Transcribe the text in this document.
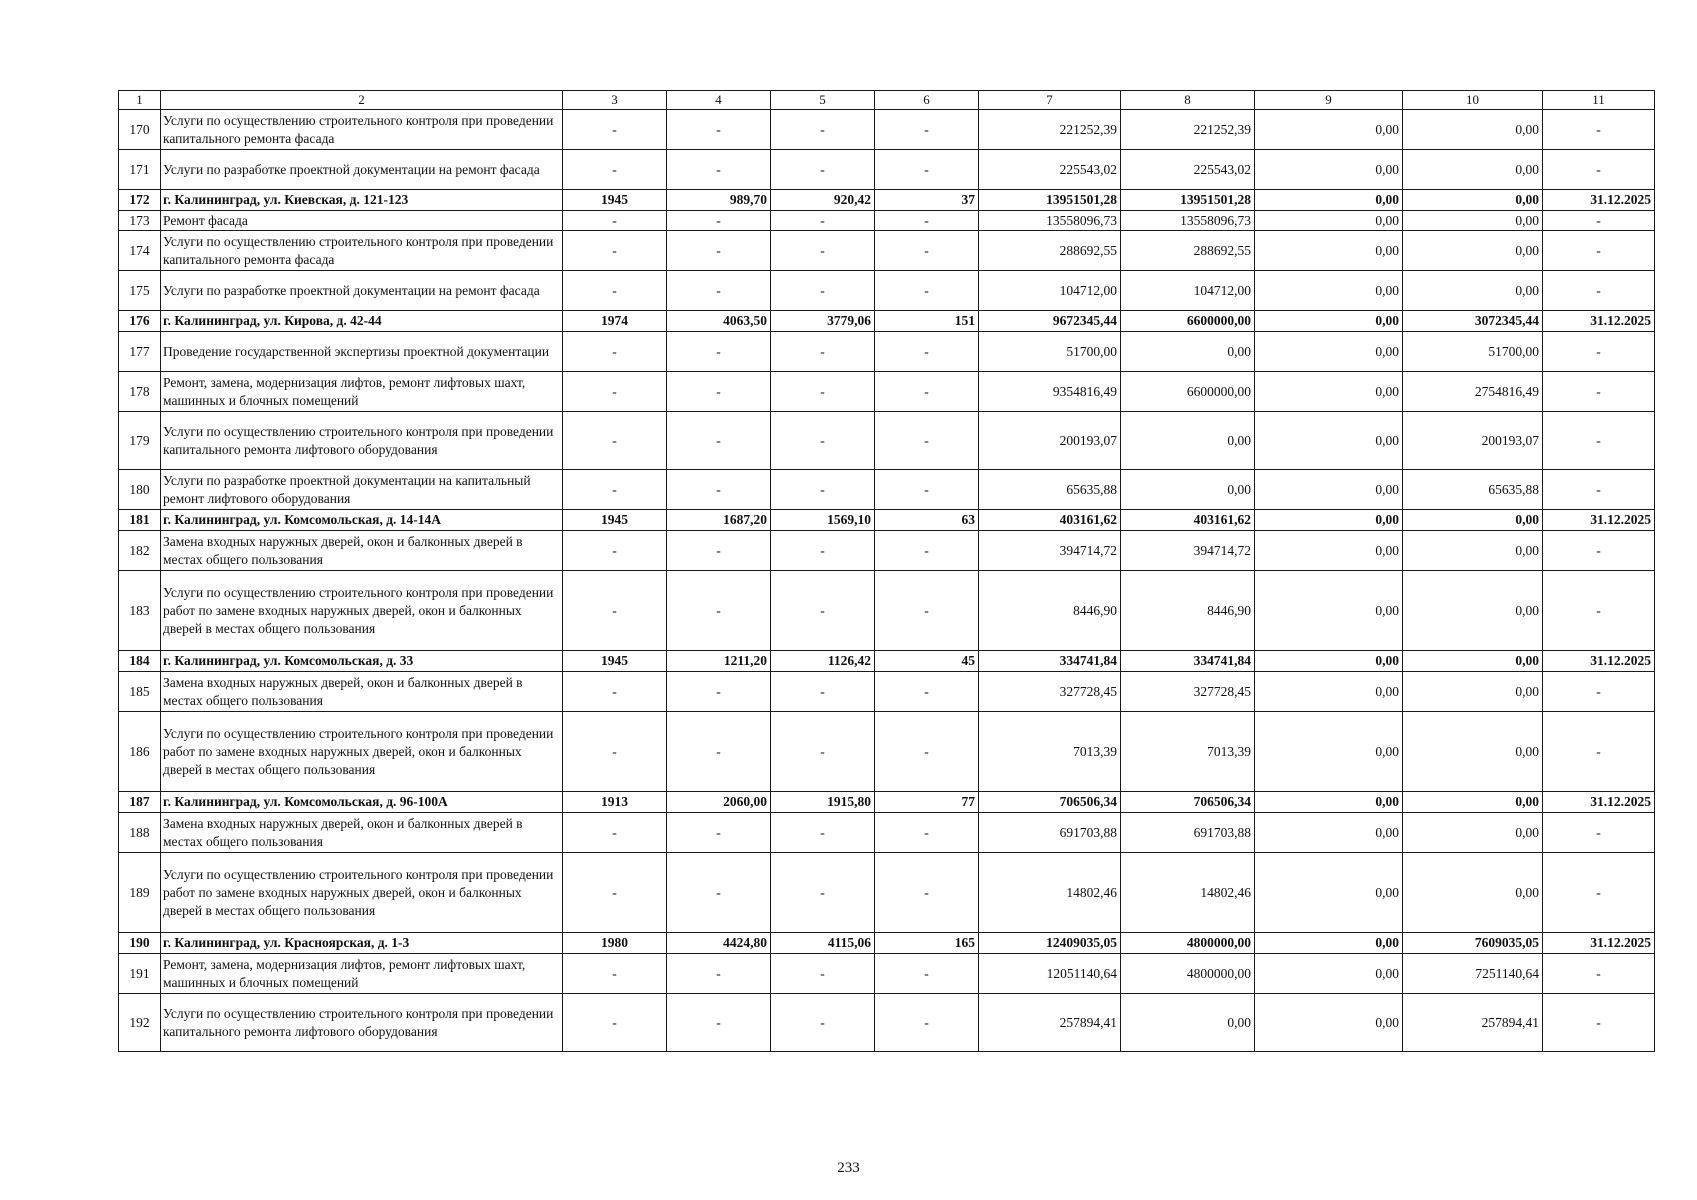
1	2	3	4	5	6	7	8	9	10	11
170	Услуги по осуществлению строительного контроля при проведении капитального ремонта фасада	-	-	-	-	221252,39	221252,39	0,00	0,00	-
171	Услуги по разработке проектной документации на ремонт фасада	-	-	-	-	225543,02	225543,02	0,00	0,00	-
172	г. Калининград, ул. Киевская, д. 121-123	1945	989,70	920,42	37	13951501,28	13951501,28	0,00	0,00	31.12.2025
173	Ремонт фасада	-	-	-	-	13558096,73	13558096,73	0,00	0,00	-
174	Услуги по осуществлению строительного контроля при проведении капитального ремонта фасада	-	-	-	-	288692,55	288692,55	0,00	0,00	-
175	Услуги по разработке проектной документации на ремонт фасада	-	-	-	-	104712,00	104712,00	0,00	0,00	-
176	г. Калининград, ул. Кирова, д. 42-44	1974	4063,50	3779,06	151	9672345,44	6600000,00	0,00	3072345,44	31.12.2025
177	Проведение государственной экспертизы проектной документации	-	-	-	-	51700,00	0,00	0,00	51700,00	-
178	Ремонт, замена, модернизация лифтов, ремонт лифтовых шахт, машинных и блочных помещений	-	-	-	-	9354816,49	6600000,00	0,00	2754816,49	-
179	Услуги по осуществлению строительного контроля при проведении капитального ремонта лифтового оборудования	-	-	-	-	200193,07	0,00	0,00	200193,07	-
180	Услуги по разработке проектной документации на капитальный ремонт лифтового оборудования	-	-	-	-	65635,88	0,00	0,00	65635,88	-
181	г. Калининград, ул. Комсомольская, д. 14-14А	1945	1687,20	1569,10	63	403161,62	403161,62	0,00	0,00	31.12.2025
182	Замена входных наружных дверей, окон и балконных дверей в местах общего пользования	-	-	-	-	394714,72	394714,72	0,00	0,00	-
183	Услуги по осуществлению строительного контроля при проведении работ по замене входных наружных дверей, окон и балконных дверей в местах общего пользования	-	-	-	-	8446,90	8446,90	0,00	0,00	-
184	г. Калининград, ул. Комсомольская, д. 33	1945	1211,20	1126,42	45	334741,84	334741,84	0,00	0,00	31.12.2025
185	Замена входных наружных дверей, окон и балконных дверей в местах общего пользования	-	-	-	-	327728,45	327728,45	0,00	0,00	-
186	Услуги по осуществлению строительного контроля при проведении работ по замене входных наружных дверей, окон и балконных дверей в местах общего пользования	-	-	-	-	7013,39	7013,39	0,00	0,00	-
187	г. Калининград, ул. Комсомольская, д. 96-100А	1913	2060,00	1915,80	77	706506,34	706506,34	0,00	0,00	31.12.2025
188	Замена входных наружных дверей, окон и балконных дверей в местах общего пользования	-	-	-	-	691703,88	691703,88	0,00	0,00	-
189	Услуги по осуществлению строительного контроля при проведении работ по замене входных наружных дверей, окон и балконных дверей в местах общего пользования	-	-	-	-	14802,46	14802,46	0,00	0,00	-
190	г. Калининград, ул. Красноярская, д. 1-3	1980	4424,80	4115,06	165	12409035,05	4800000,00	0,00	7609035,05	31.12.2025
191	Ремонт, замена, модернизация лифтов, ремонт лифтовых шахт, машинных и блочных помещений	-	-	-	-	12051140,64	4800000,00	0,00	7251140,64	-
192	Услуги по осуществлению строительного контроля при проведении капитального ремонта лифтового оборудования	-	-	-	-	257894,41	0,00	0,00	257894,41	-
233
